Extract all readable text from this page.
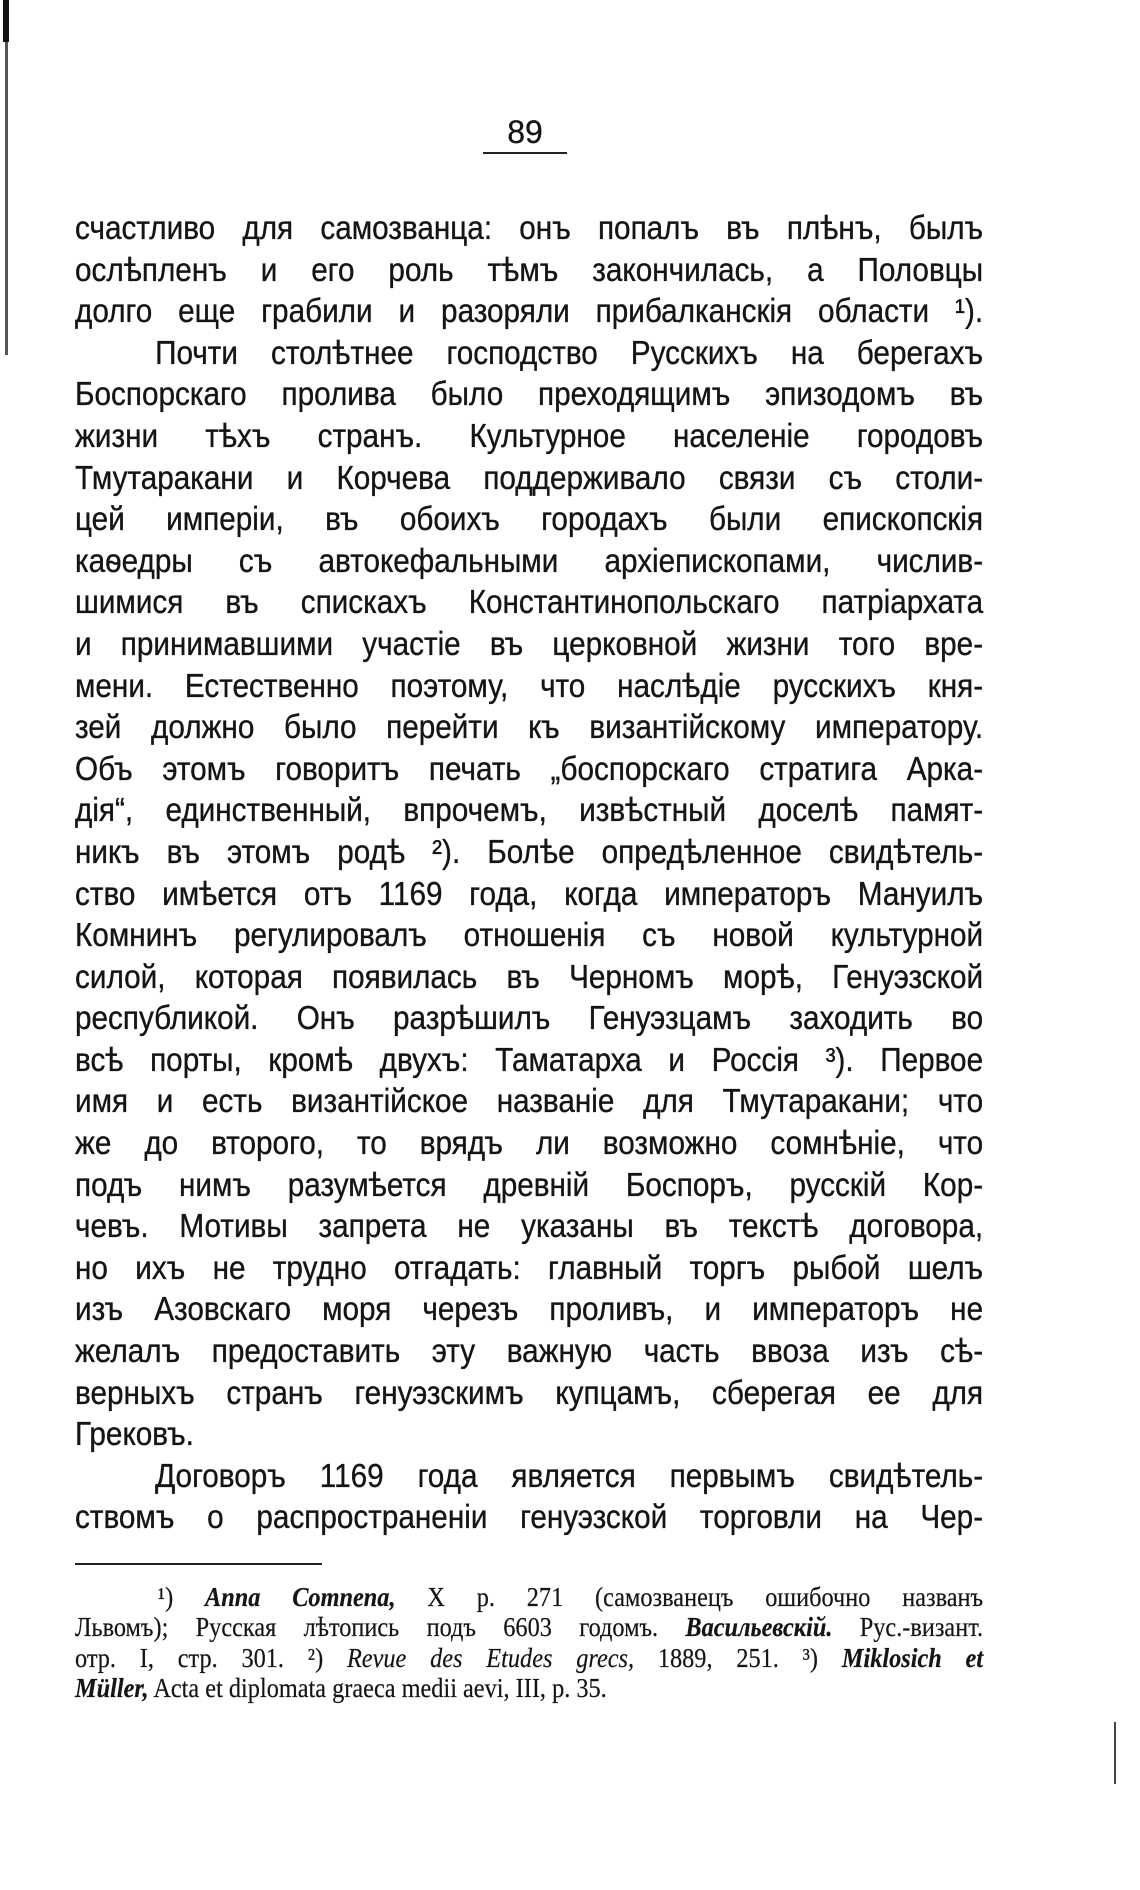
89
счастливо для самозванца: онъ попалъ въ плѣнъ, былъ
ослѣпленъ и его роль тѣмъ закончилась, а Половцы
долго еще грабили и разоряли прибалканскія области ¹).
Почти столѣтнее господство Русскихъ на берегахъ
Боспорскаго пролива было преходящимъ эпизодомъ въ
жизни тѣхъ странъ. Культурное населеніе городовъ
Тмутаракани и Корчева поддерживало связи съ столи-
цей имперіи, въ обоихъ городахъ были епископскія
каѳедры съ автокефальными архіепископами, числив-
шимися въ спискахъ Константинопольскаго патріархата
и принимавшими участіе въ церковной жизни того вре-
мени. Естественно поэтому, что наслѣдіе русскихъ кня-
зей должно было перейти къ византійскому императору.
Объ этомъ говоритъ печать „боспорскаго стратига Арка-
дія“, единственный, впрочемъ, извѣстный доселѣ памят-
никъ въ этомъ родѣ ²). Болѣе опредѣленное свидѣтель-
ство имѣется отъ 1169 года, когда императоръ Мануилъ
Комнинъ регулировалъ отношенія съ новой культурной
силой, которая появилась въ Черномъ морѣ, Генуэзской
республикой. Онъ разрѣшилъ Генуэзцамъ заходить во
всѣ порты, кромѣ двухъ: Таматарха и Россія ³). Первое
имя и есть византійское названіе для Тмутаракани; что
же до второго, то врядъ ли возможно сомнѣніе, что
подъ нимъ разумѣется древній Боспоръ, русскій Кор-
чевъ. Мотивы запрета не указаны въ текстѣ договора,
но ихъ не трудно отгадать: главный торгъ рыбой шелъ
изъ Азовскаго моря черезъ проливъ, и императоръ не
желалъ предоставить эту важную часть ввоза изъ сѣ-
верныхъ странъ генуэзскимъ купцамъ, сберегая ее для
Грековъ.
Договоръ 1169 года является первымъ свидѣтель-
ствомъ о распространеніи генуэзской торговли на Чер-
¹) Anna Comnena, X p. 271 (самозванецъ ошибочно названъ
Львомъ); Русская лѣтопись подъ 6603 годомъ. Васильевскій. Рус.-визант.
отр. I, стр. 301. ²) Revue des Etudes grecs, 1889, 251. ³) Miklosich et
Müller, Acta et diplomata graeca medii aevi, III, p. 35.
